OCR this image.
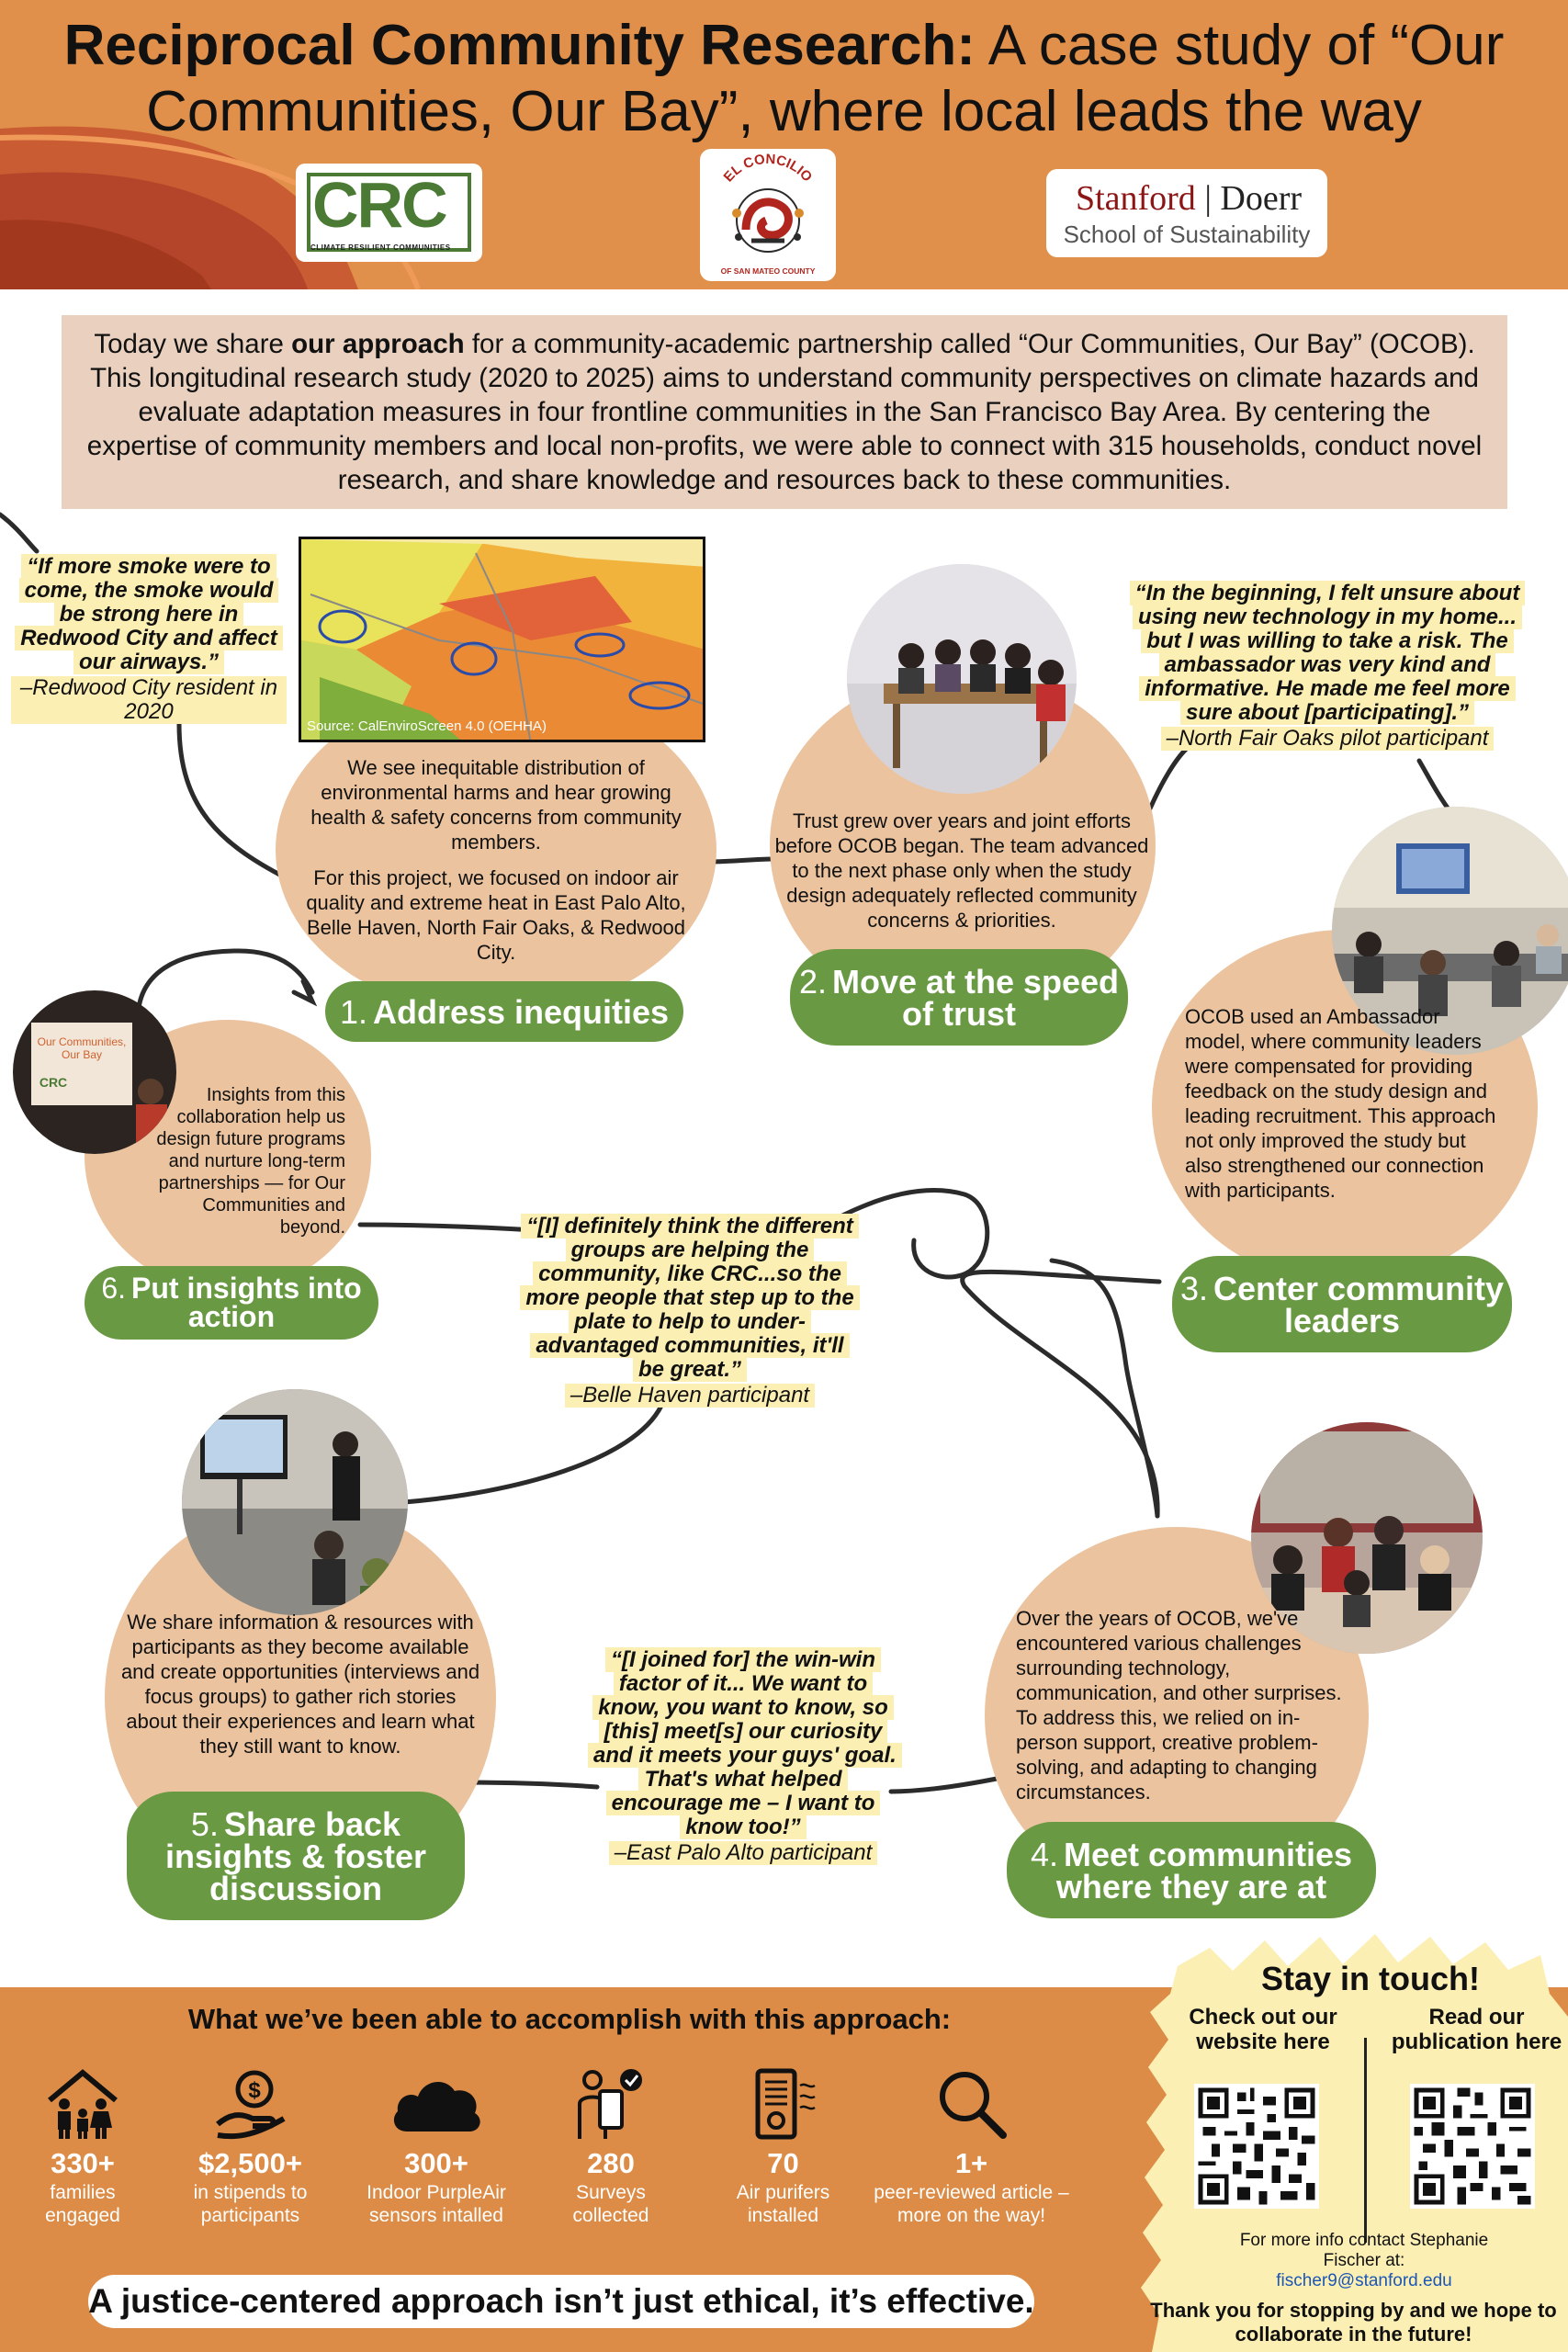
Reciprocal Community Research: A case study of “Our Communities, Our Bay”, where local leads the way
CRC
CLIMATE RESILIENT COMMUNITIES
EL CONCILIO
OF SAN MATEO COUNTY
Stanford | Doerr
School of Sustainability
Today we share our approach for a community-academic partnership called “Our Communities, Our Bay” (OCOB). This longitudinal research study (2020 to 2025) aims to understand community perspectives on climate hazards and evaluate adaptation measures in four frontline communities in the San Francisco Bay Area. By centering the expertise of community members and local non-profits, we were able to connect with 315 households, conduct novel research, and share knowledge and resources back to these communities.
Source: CalEnviroScreen 4.0 (OEHHA)
We see inequitable distribution of environmental harms and hear growing health & safety concerns from community members.
For this project, we focused on indoor air quality and extreme heat in East Palo Alto, Belle Haven, North Fair Oaks, & Redwood City.
1. Address inequities
Trust grew over years and joint efforts before OCOB began. The team advanced to the next phase only when the study design adequately reflected community concerns & priorities.
2. Move at the speed of trust	OCOB used an Ambassador model, where community leaders were compensated for providing feedback on the study design and leading recruitment. This approach not only improved the study but also strengthened our connection with participants.
3. Center community leaders
Over the years of OCOB, we've encountered various challenges surrounding technology, communication, and other surprises. To address this, we relied on in-person support, creative problem-solving, and adapting to changing circumstances.
4. Meet communities where they are at
We share information & resources with participants as they become available and create opportunities (interviews and focus groups) to gather rich stories about their experiences and learn what they still want to know.
5. Share back insights & foster discussion
Our Communities,
Our Bay
CRC
Insights from this collaboration help us design future programs and nurture long-term partnerships — for Our Communities and beyond.
6. Put insights into action
“If more smoke were to come, the smoke would be strong here in Redwood City and affect our airways.”
–Redwood City resident in 2020
“In the beginning, I felt unsure about using new technology in my home... but I was willing to take a risk. The ambassador was very kind and informative. He made me feel more sure about [participating].”
–North Fair Oaks pilot participant
“[I] definitely think the different groups are helping the community, like CRC...so the more people that step up to the plate to help to under-advantaged communities, it'll be great.”
–Belle Haven participant
“[I joined for] the win-win factor of it... We want to know, you want to know, so [this] meet[s] our curiosity and it meets your guys' goal. That's what helped encourage me – I want to know too!”
–East Palo Alto participant
What we’ve been able to accomplish with this approach:
330+
families engaged
$
$2,500+
in stipends to participants
300+
Indoor PurpleAir sensors intalled
280
Surveys collected
70
Air purifers installed
1+
peer-reviewed article – more on the way!
A justice-centered approach isn’t just ethical, it’s effective.
Stay in touch!
Check out our website here
Read our publication here
For more info contact Stephanie Fischer at:
fischer9@stanford.edu
Thank you for stopping by and we hope to collaborate in the future!
